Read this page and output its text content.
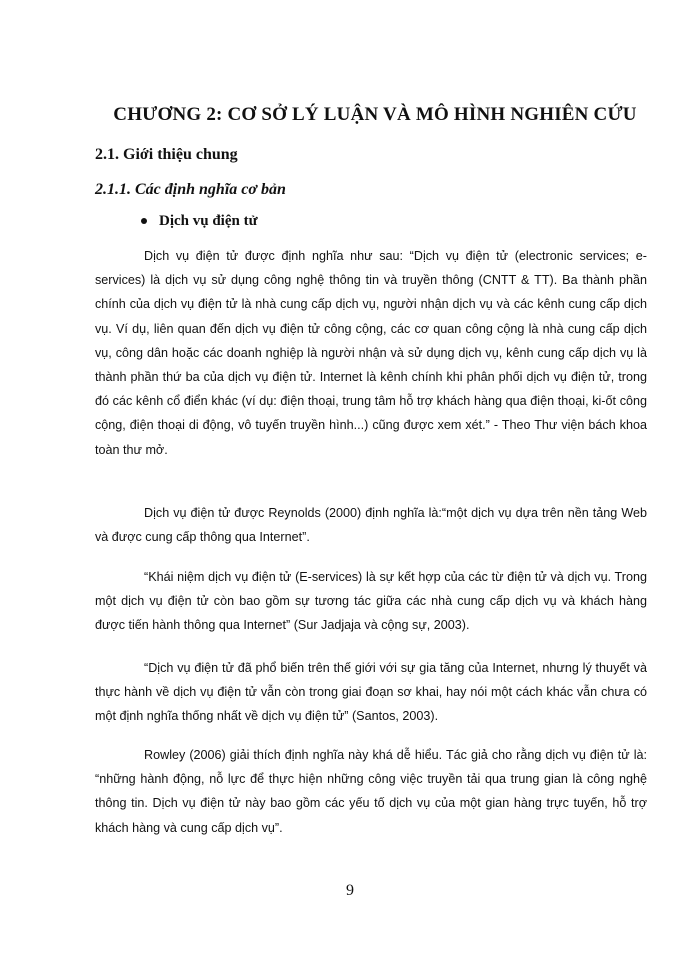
CHƯƠNG 2: CƠ SỞ LÝ LUẬN VÀ MÔ HÌNH NGHIÊN CỨU
2.1. Giới thiệu chung
2.1.1. Các định nghĩa cơ bản
Dịch vụ điện tử

Dịch vụ điện tử được định nghĩa như sau: “Dịch vụ điện tử (electronic services; e-services) là dịch vụ sử dụng công nghệ thông tin và truyền thông (CNTT & TT). Ba thành phần chính của dịch vụ điện tử là nhà cung cấp dịch vụ, người nhận dịch vụ và các kênh cung cấp dịch vụ. Ví dụ, liên quan đến dịch vụ điện tử công cộng, các cơ quan công cộng là nhà cung cấp dịch vụ, công dân hoặc các doanh nghiệp là người nhận và sử dụng dịch vụ, kênh cung cấp dịch vụ là thành phần thứ ba của dịch vụ điện tử. Internet là kênh chính khi phân phối dịch vụ điện tử, trong đó các kênh cổ điển khác (ví dụ: điện thoại, trung tâm hỗ trợ khách hàng qua điện thoại, ki-ốt công cộng, điện thoại di động, vô tuyến truyền hình...) cũng được xem xét.” - Theo Thư viện bách khoa toàn thư mở.

Dịch vụ điện tử được Reynolds (2000) định nghĩa là:“một dịch vụ dựa trên nền tảng Web và được cung cấp thông qua Internet”.

“Khái niệm dịch vụ điện tử (E-services) là sự kết hợp của các từ điện tử và dịch vụ. Trong một dịch vụ điện tử còn bao gồm sự tương tác giữa các nhà cung cấp dịch vụ và khách hàng được tiến hành thông qua Internet” (Sur Jadjaja và cộng sự, 2003).

“Dịch vụ điện tử đã phổ biến trên thế giới với sự gia tăng của Internet, nhưng lý thuyết và thực hành về dịch vụ điện tử vẫn còn trong giai đoạn sơ khai, hay nói một cách khác vẫn chưa có một định nghĩa thống nhất về dịch vụ điện tử” (Santos, 2003).

Rowley (2006) giải thích định nghĩa này khá dễ hiểu. Tác giả cho rằng dịch vụ điện tử là: “những hành động, nỗ lực để thực hiện những công việc truyền tải qua trung gian là công nghệ thông tin. Dịch vụ điện tử này bao gồm các yếu tố dịch vụ của một gian hàng trực tuyến, hỗ trợ khách hàng và cung cấp dịch vụ”.

9
